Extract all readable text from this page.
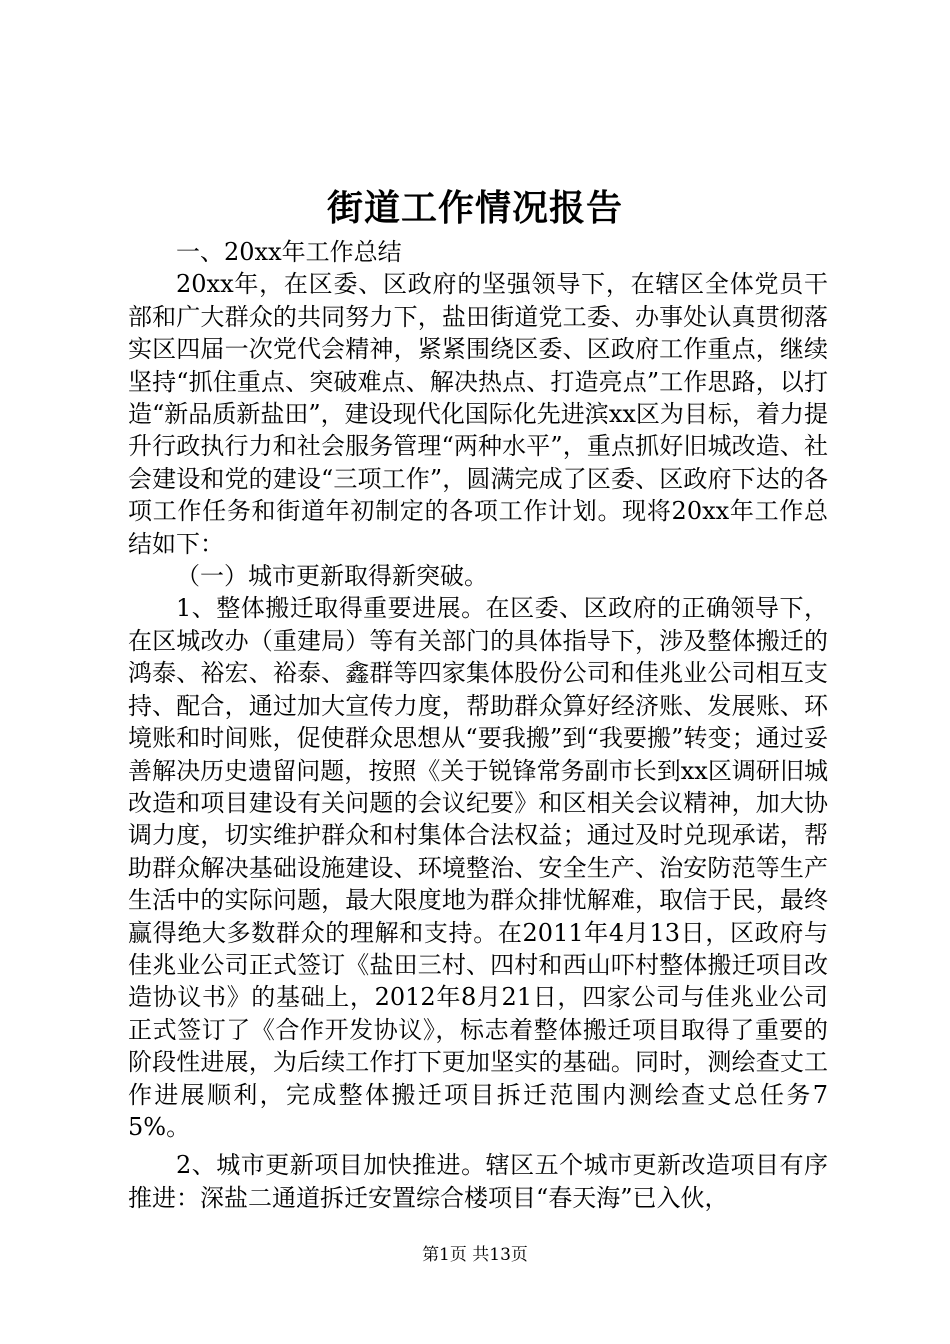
街道工作情况报告

一、20xx年工作总结

20xx年，在区委、区政府的坚强领导下，在辖区全体党员干部和广大群众的共同努力下，盐田街道党工委、办事处认真贯彻落实区四届一次党代会精神，紧紧围绕区委、区政府工作重点，继续坚持“抓住重点、突破难点、解决热点、打造亮点”工作思路，以打造“新品质新盐田”，建设现代化国际化先进滨xx区为目标，着力提升行政执行力和社会服务管理“两种水平”，重点抓好旧城改造、社会建设和党的建设“三项工作”，圆满完成了区委、区政府下达的各项工作任务和街道年初制定的各项工作计划。现将20xx年工作总结如下：

（一）城市更新取得新突破。

1、整体搬迁取得重要进展。在区委、区政府的正确领导下，在区城改办（重建局）等有关部门的具体指导下，涉及整体搬迁的鸿泰、裕宏、裕泰、鑫群等四家集体股份公司和佳兆业公司相互支持、配合，通过加大宣传力度，帮助群众算好经济账、发展账、环境账和时间账，促使群众思想从“要我搬”到“我要搬”转变；通过妥善解决历史遗留问题，按照《关于锐锋常务副市长到xx区调研旧城改造和项目建设有关问题的会议纪要》和区相关会议精神，加大协调力度，切实维护群众和村集体合法权益；通过及时兑现承诺，帮助群众解决基础设施建设、环境整治、安全生产、治安防范等生产生活中的实际问题，最大限度地为群众排忧解难，取信于民，最终赢得绝大多数群众的理解和支持。在2011年4月13日，区政府与佳兆业公司正式签订《盐田三村、四村和西山吓村整体搬迁项目改造协议书》的基础上，2012年8月21日，四家公司与佳兆业公司正式签订了《合作开发协议》，标志着整体搬迁项目取得了重要的阶段性进展，为后续工作打下更加坚实的基础。同时，测绘查丈工作进展顺利，完成整体搬迁项目拆迁范围内测绘查丈总任务75%。

2、城市更新项目加快推进。辖区五个城市更新改造项目有序推进：深盐二通道拆迁安置综合楼项目“春天海”已入伙，

第1页 共13页
